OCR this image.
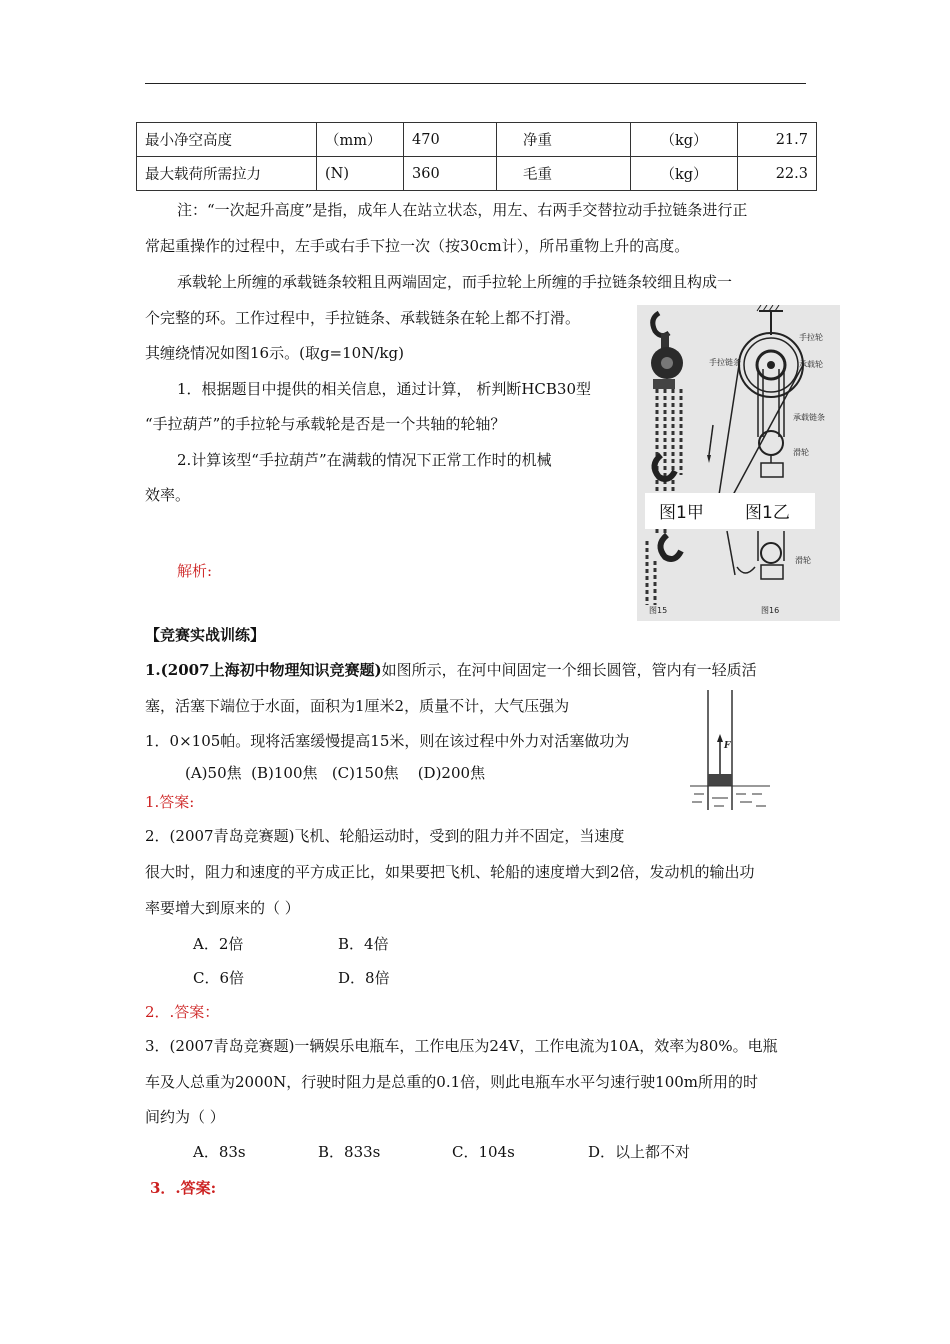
最小净空高度	（mm）	470	净重	（kg）	21.7
最大载荷所需拉力	(N)	360	毛重	（kg）	22.3
注：“一次起升高度”是指，成年人在站立状态，用左、右两手交替拉动手拉链条进行正
常起重操作的过程中，左手或右手下拉一次（按30cm计），所吊重物上升的高度。
承载轮上所缠的承载链条较粗且两端固定，而手拉轮上所缠的手拉链条较细且构成一
个完整的环。工作过程中，手拉链条、承载链条在轮上都不打滑。
其缠绕情况如图16示。(取g=10N/kg)
1．根据题目中提供的相关信息，通过计算， 析判断HCB30型
“手拉葫芦”的手拉轮与承载轮是否是一个共轴的轮轴？
2.计算该型“手拉葫芦”在满载的情况下正常工作时的机械
效率。
解析:
图1甲 图1乙
手拉轮
承载轮
手拉链条
承载链条
滑轮
滑轮
图15	图16
【竞赛实战训练】
1.(2007上海初中物理知识竞赛题)如图所示，在河中间固定一个细长圆管，管内有一轻质活
塞，活塞下端位于水面，面积为1厘米2，质量不计，大气压强为
1．0×105帕。现将活塞缓慢提高15米，则在该过程中外力对活塞做功为
(A)50焦  (B)100焦   (C)150焦    (D)200焦
1.答案:
F
2．(2007青岛竞赛题)飞机、轮船运动时，受到的阻力并不固定，当速度
很大时，阻力和速度的平方成正比，如果要把飞机、轮船的速度增大到2倍，发动机的输出功
率要增大到原来的（ ）
A．2倍	B．4倍
C．6倍	D．8倍
2．.答案：
3．(2007青岛竞赛题)一辆娱乐电瓶车，工作电压为24V，工作电流为10A，效率为80%。电瓶
车及人总重为2000N，行驶时阻力是总重的0.1倍，则此电瓶车水平匀速行驶100m所用的时
间约为（ ）
A．83s	B．833s	C．104s	D．以上都不对
3．.答案:
